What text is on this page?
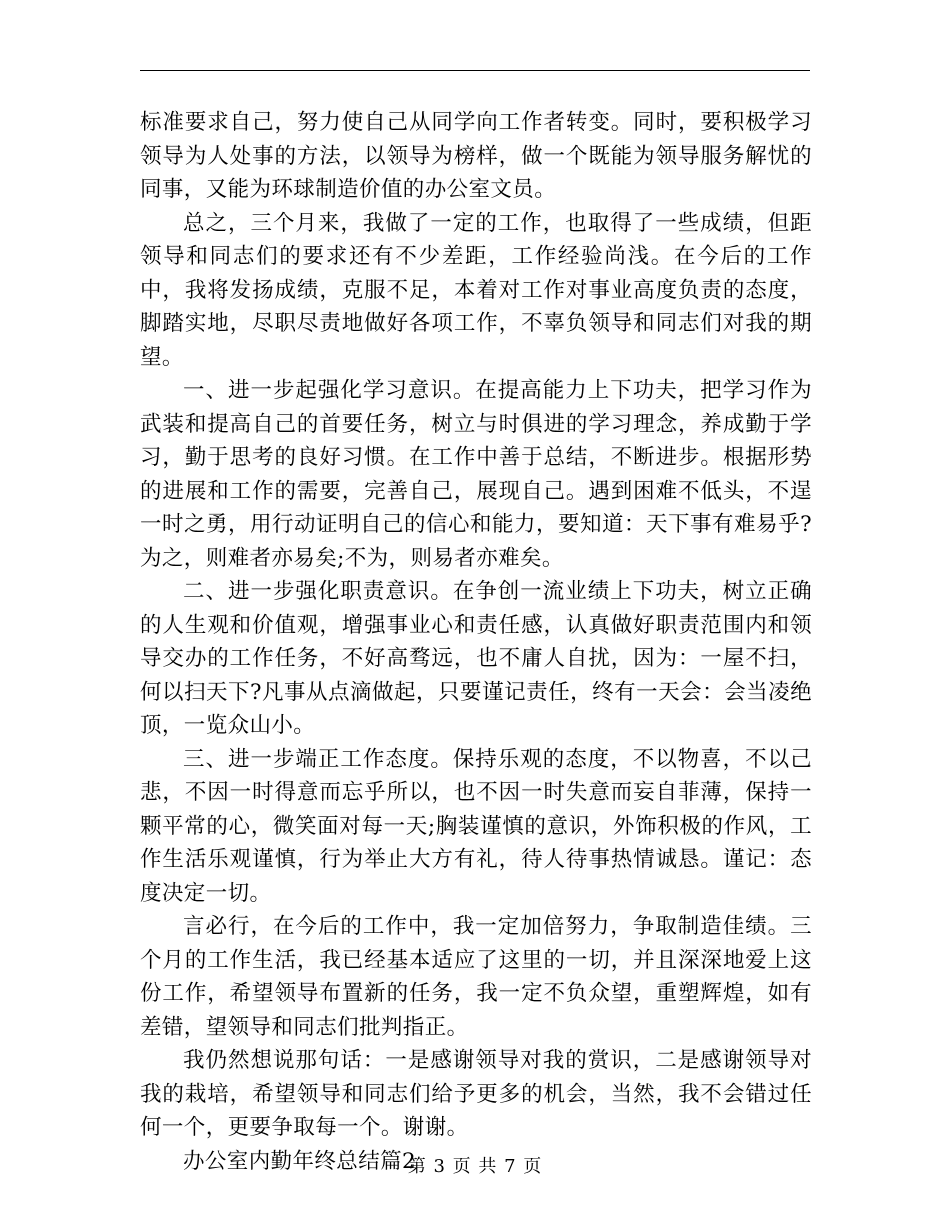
标准要求自己，努力使自己从同学向工作者转变。同时，要积极学习领导为人处事的方法，以领导为榜样，做一个既能为领导服务解忧的同事，又能为环球制造价值的办公室文员。

总之，三个月来，我做了一定的工作，也取得了一些成绩，但距领导和同志们的要求还有不少差距，工作经验尚浅。在今后的工作中，我将发扬成绩，克服不足，本着对工作对事业高度负责的态度，脚踏实地，尽职尽责地做好各项工作，不辜负领导和同志们对我的期望。

一、进一步起强化学习意识。在提高能力上下功夫，把学习作为武装和提高自己的首要任务，树立与时俱进的学习理念，养成勤于学习，勤于思考的良好习惯。在工作中善于总结，不断进步。根据形势的进展和工作的需要，完善自己，展现自己。遇到困难不低头，不逞一时之勇，用行动证明自己的信心和能力，要知道：天下事有难易乎?为之，则难者亦易矣;不为，则易者亦难矣。

二、进一步强化职责意识。在争创一流业绩上下功夫，树立正确的人生观和价值观，增强事业心和责任感，认真做好职责范围内和领导交办的工作任务，不好高骛远，也不庸人自扰，因为：一屋不扫，何以扫天下?凡事从点滴做起，只要谨记责任，终有一天会：会当凌绝顶，一览众山小。

三、进一步端正工作态度。保持乐观的态度，不以物喜，不以己悲，不因一时得意而忘乎所以，也不因一时失意而妄自菲薄，保持一颗平常的心，微笑面对每一天;胸装谨慎的意识，外饰积极的作风，工作生活乐观谨慎，行为举止大方有礼，待人待事热情诚恳。谨记：态度决定一切。

言必行，在今后的工作中，我一定加倍努力，争取制造佳绩。三个月的工作生活，我已经基本适应了这里的一切，并且深深地爱上这份工作，希望领导布置新的任务，我一定不负众望，重塑辉煌，如有差错，望领导和同志们批判指正。

我仍然想说那句话：一是感谢领导对我的赏识，二是感谢领导对我的栽培，希望领导和同志们给予更多的机会，当然，我不会错过任何一个，更要争取每一个。谢谢。

办公室内勤年终总结篇2

第 3 页 共 7 页
